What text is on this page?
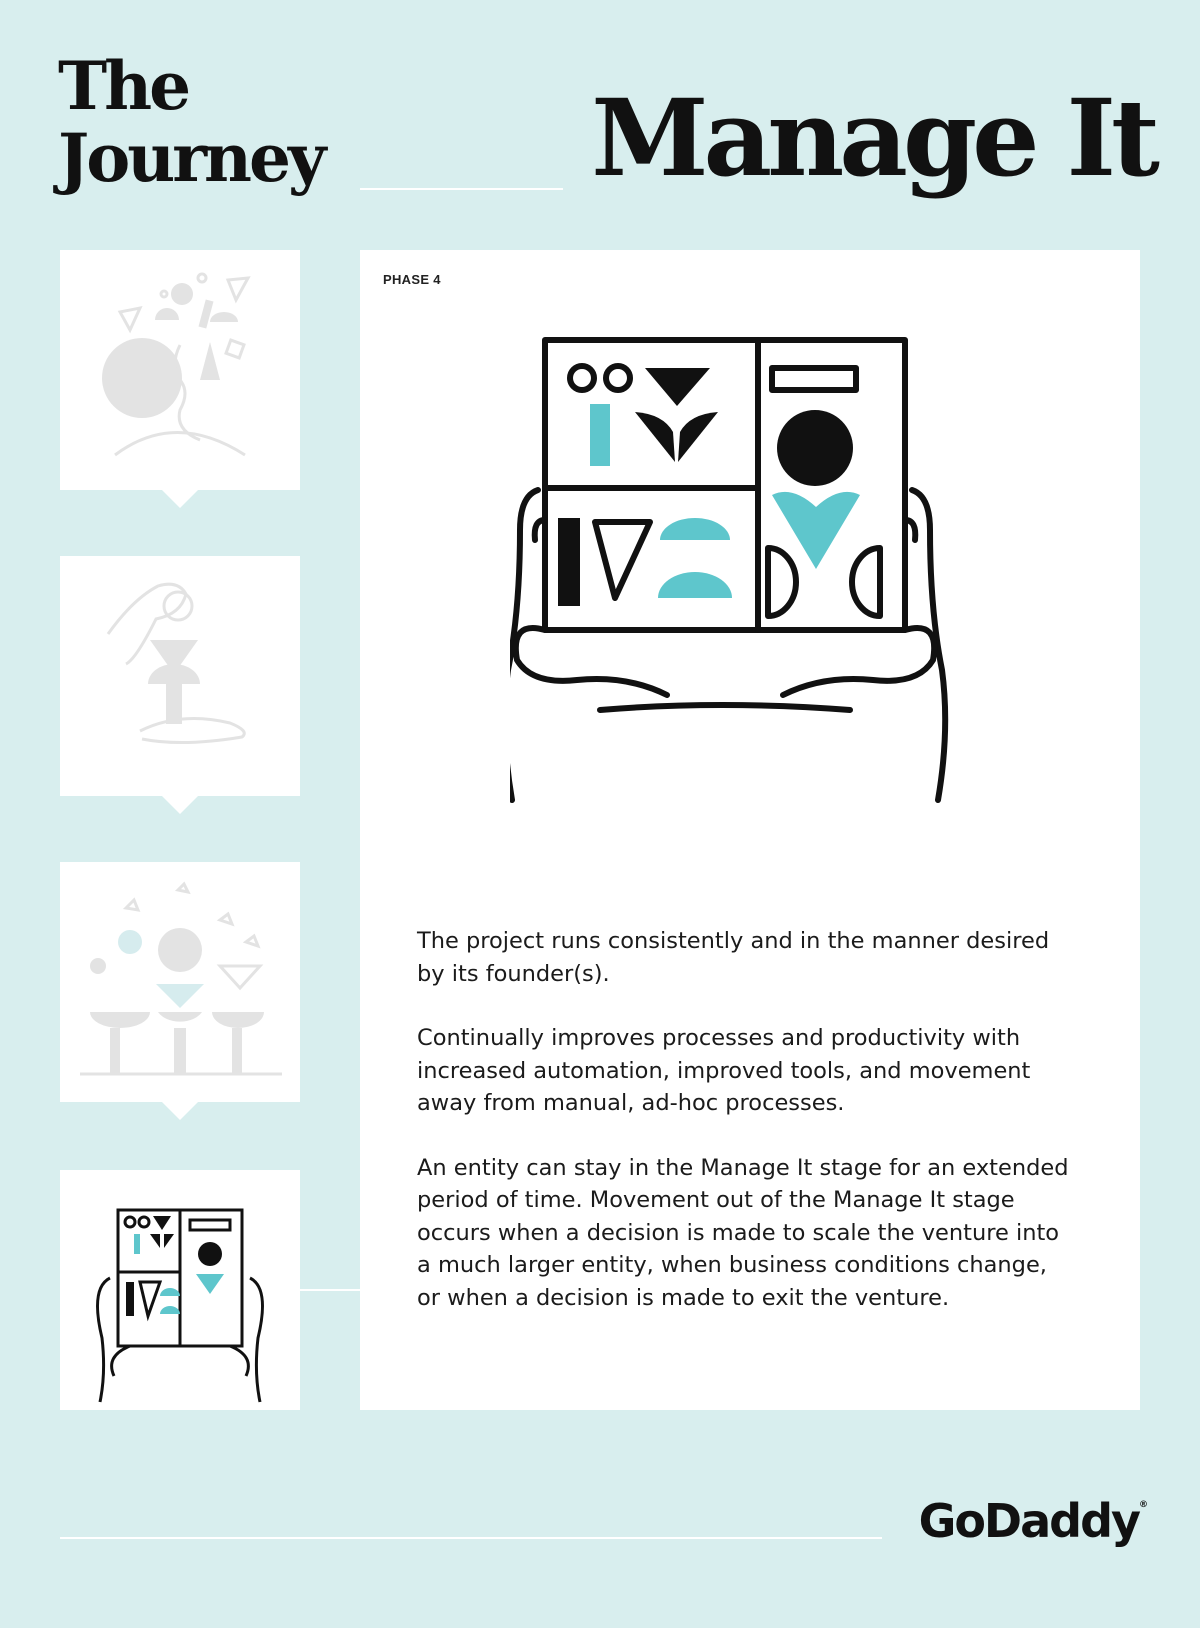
The
Journey	Manage It
PHASE 4

The project runs consistently and in the manner desired by its founder(s).

Continually improves processes and productivity with increased automation, improved tools, and movement away from manual, ad-hoc processes.

An entity can stay in the Manage It stage for an extended period of time. Movement out of the Manage It stage occurs when a decision is made to scale the venture into a much larger entity, when business conditions change, or when a decision is made to exit the venture.

GoDaddy®
